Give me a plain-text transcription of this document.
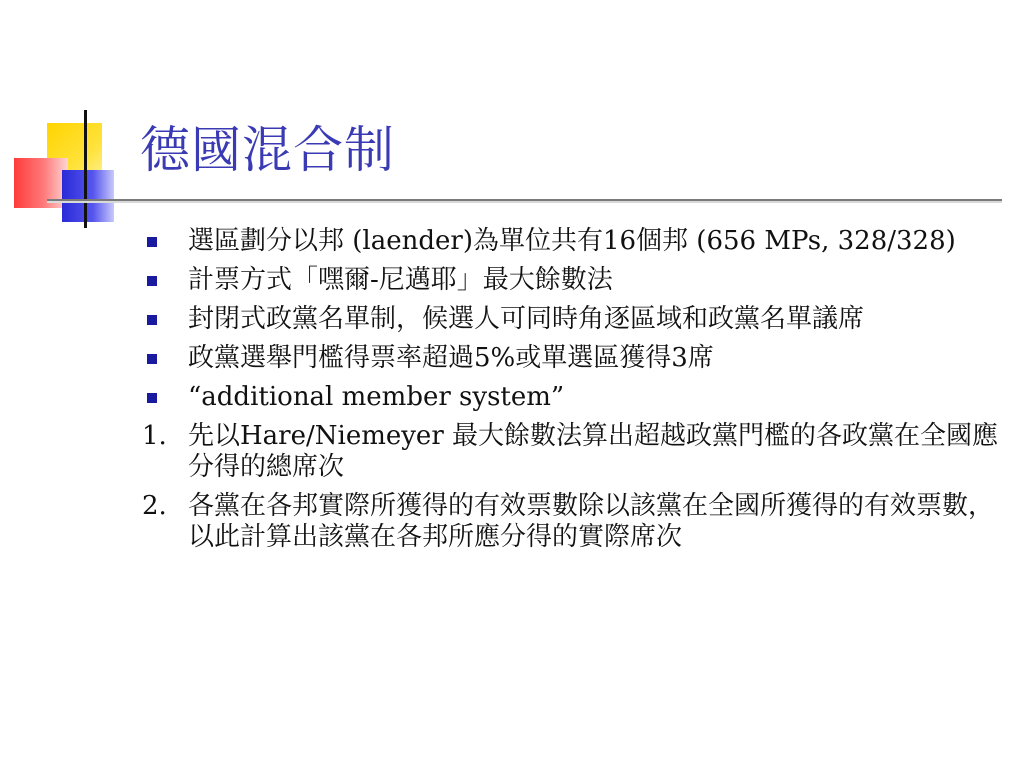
德國混合制
選區劃分以邦 (laender)為單位共有16個邦 (656 MPs, 328/328)
計票方式「嘿爾-尼邁耶」最大餘數法
封閉式政黨名單制，候選人可同時角逐區域和政黨名單議席
政黨選舉門檻得票率超過5%或單選區獲得3席
“additional member system”
1. 先以Hare/Niemeyer 最大餘數法算出超越政黨門檻的各政黨在全國應分得的總席次
2. 各黨在各邦實際所獲得的有效票數除以該黨在全國所獲得的有效票數，以此計算出該黨在各邦所應分得的實際席次
